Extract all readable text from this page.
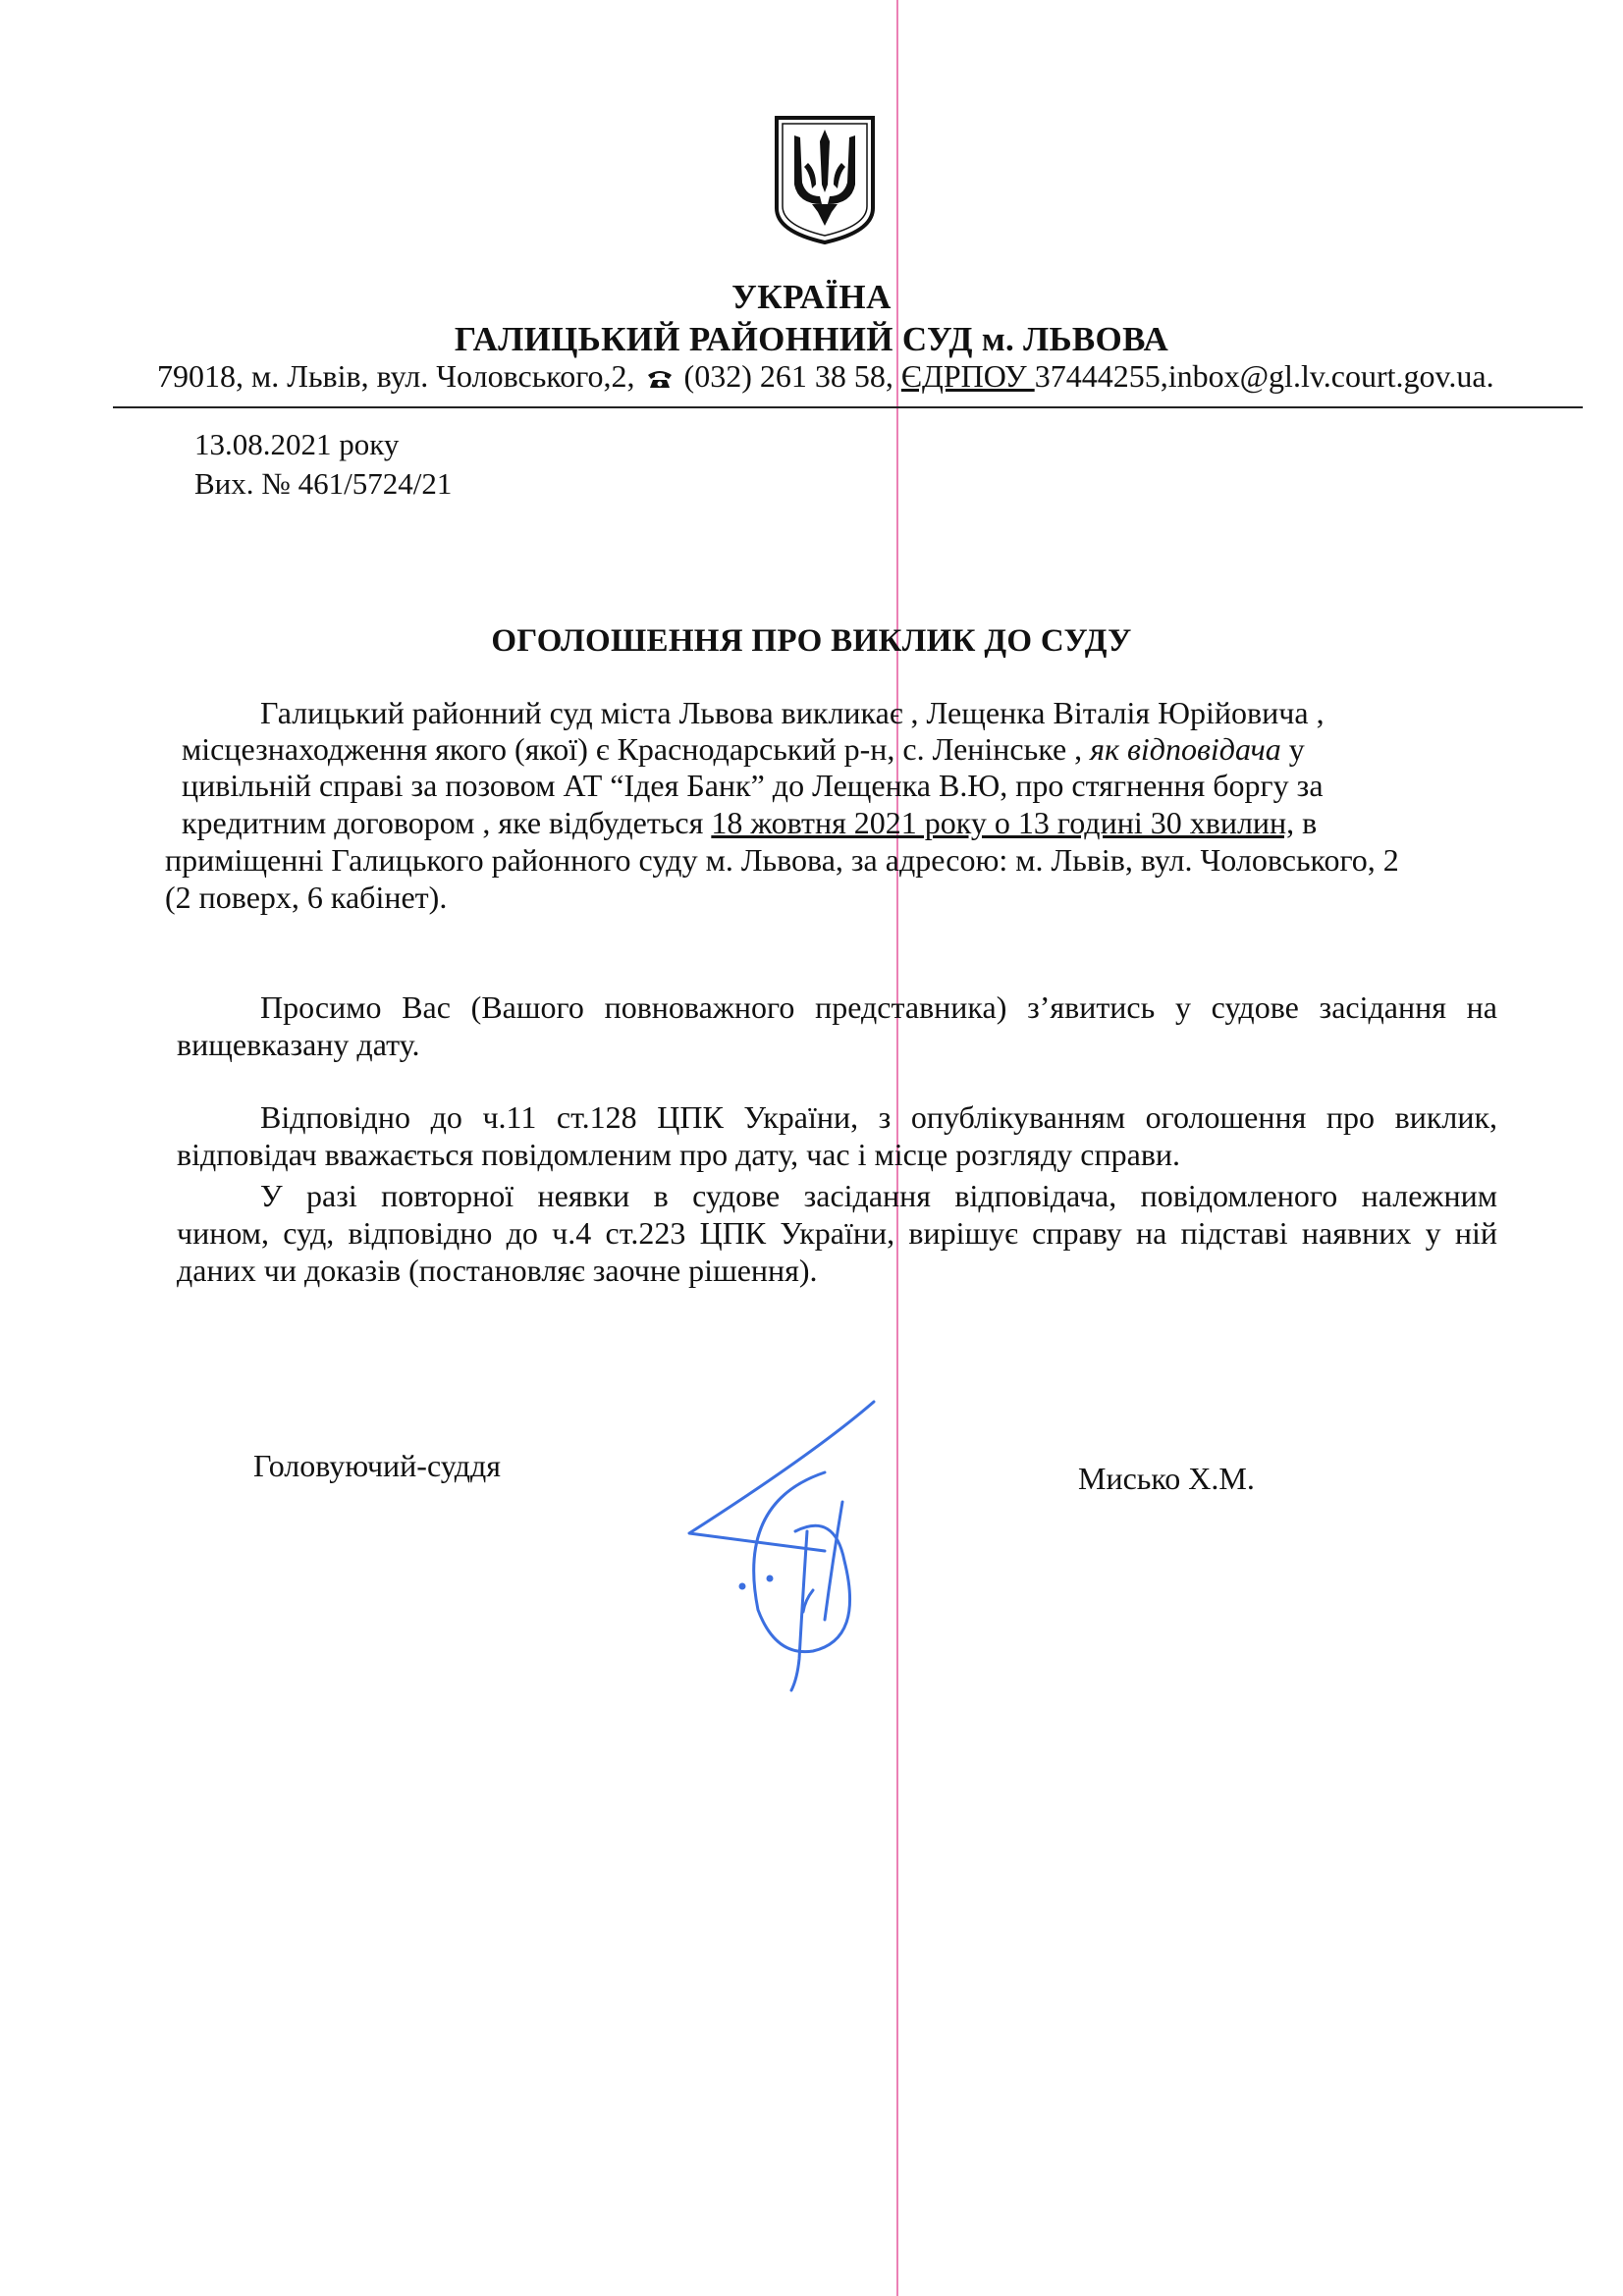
УКРАЇНА
ГАЛИЦЬКИЙ РАЙОННИЙ СУД м. ЛЬВОВА
79018, м. Львів, вул. Чоловського,2, (032) 261 38 58, ЄДРПОУ 37444255,inbox@gl.lv.court.gov.ua.
13.08.2021 року
Вих. № 461/5724/21
ОГОЛОШЕННЯ ПРО ВИКЛИК ДО СУДУ
Галицький районний суд міста Львова викликає , Лещенка Віталія Юрійовича ,
місцезнаходження якого (якої) є Краснодарський р-н, с. Ленінське , як відповідача у
цивільній справі за позовом АТ “Ідея Банк” до Лещенка В.Ю, про стягнення боргу за
кредитним договором , яке відбудеться 18 жовтня 2021 року о 13 годині 30 хвилин, в
приміщенні Галицького районного суду м. Львова, за адресою: м. Львів, вул. Чоловського, 2
(2 поверх, 6 кабінет).
Просимо Вас (Вашого повноважного представника) з’явитись у судове засідання на
вищевказану дату.
Відповідно до ч.11 ст.128 ЦПК України, з опублікуванням оголошення про виклик,
відповідач вважається повідомленим про дату, час і місце розгляду справи.
У разі повторної неявки в судове засідання відповідача, повідомленого належним
чином, суд, відповідно до ч.4 ст.223 ЦПК України, вирішує справу на підставі наявних у ній
даних чи доказів (постановляє заочне рішення).
Головуючий-суддя	Мисько Х.М.
